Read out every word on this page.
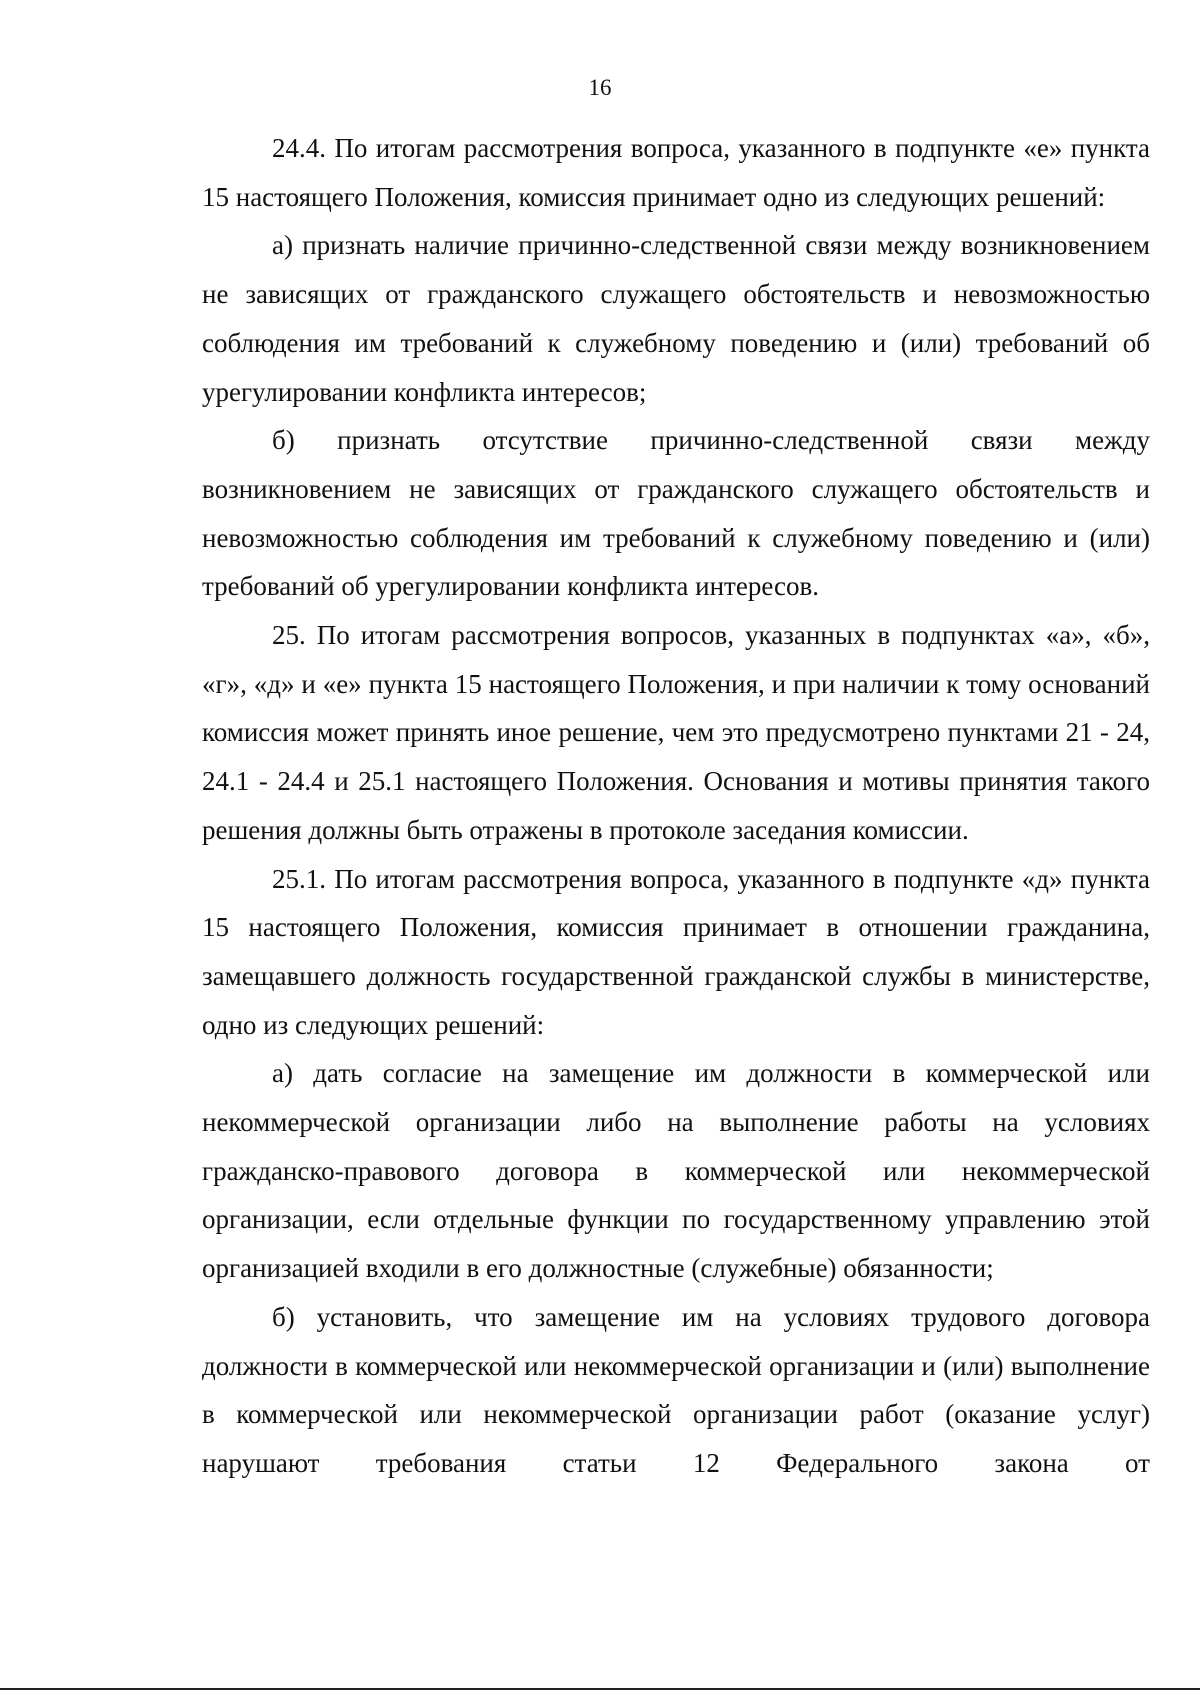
16

24.4. По итогам рассмотрения вопроса, указанного в подпункте «е» пункта 15 настоящего Положения, комиссия принимает одно из следующих решений:

а) признать наличие причинно-следственной связи между возникновением не зависящих от гражданского служащего обстоятельств и невозможностью соблюдения им требований к служебному поведению и (или) требований об урегулировании конфликта интересов;

б) признать отсутствие причинно-следственной связи между возникновением не зависящих от гражданского служащего обстоятельств и невозможностью соблюдения им требований к служебному поведению и (или) требований об урегулировании конфликта интересов.

25. По итогам рассмотрения вопросов, указанных в подпунктах «а», «б», «г», «д» и «е» пункта 15 настоящего Положения, и при наличии к тому оснований комиссия может принять иное решение, чем это предусмотрено пунктами 21 - 24, 24.1 - 24.4 и 25.1 настоящего Положения. Основания и мотивы принятия такого решения должны быть отражены в протоколе заседания комиссии.

25.1. По итогам рассмотрения вопроса, указанного в подпункте «д» пункта 15 настоящего Положения, комиссия принимает в отношении гражданина, замещавшего должность государственной гражданской службы в министерстве, одно из следующих решений:

а) дать согласие на замещение им должности в коммерческой или некоммерческой организации либо на выполнение работы на условиях гражданско-правового договора в коммерческой или некоммерческой организации, если отдельные функции по государственному управлению этой организацией входили в его должностные (служебные) обязанности;

б) установить, что замещение им на условиях трудового договора должности в коммерческой или некоммерческой организации и (или) выполнение в коммерческой или некоммерческой организации работ (оказание услуг) нарушают требования статьи 12 Федерального закона от
